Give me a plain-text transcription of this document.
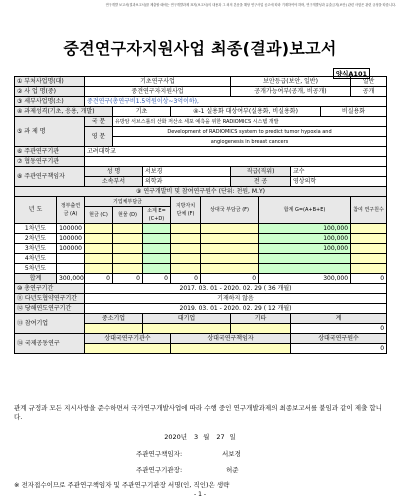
연구개발 보고서(결과보고서)를 제출할 때에는 연구개발과제 표지(보고서)의 내용과 그 외의 본문을 해당 연구사업 공고에 따라 기재하여야 하며, 연구개발성과 유출금지(보안) 관련 사항은 관련 규정을 따릅니다.
중견연구자지원사업 최종(결과)보고서
양식A101
① 부처사업명(대)		기초연구사업					보안등급(보안, 일반)				일반
② 사 업 명(중)		중견연구자지원사업					공개가능여부(공개, 비공개)				공개
③ 세부사업명(소)		중견연구(총연구비1.5억원이상~3억이하),									
④ 과제성격(기초, 응용, 개발)			기초		④-1 실용화 대상여부(실용화, 비실용화)					비실용화	
⑤ 과 제 명		국 문	유방암 서브스톨의 산화 저산소 세포 예측을 위한 RADIOMICS 시스템 개발								
		영 문	Development of RADIOMICS system to predict tumor hypoxia and								
			angiogenesis in breast cancers								
⑥ 주관연구기관		고려대학교									
⑦ 협동연구기관											
⑧ 주관연구책임자		성 명		서보경			직급(직위)		교수		
		소속부서		의학과			전 공		영상의학		
⑨ 연구개발비 및 참여연구원수 (단위: 천원, M.Y)											
년 도	정부출연금 (A)	기업체부담금			지방자치 단체 (F)	상대국 부담금 (F)		합계 G=(A+B+E)			참여 연구원수
		현금 (C)	현물 (D)	소계 E=(C+D)							
1차년도	100000							100,000			
2차년도	100000							100,000			
3차년도	100000							100,000			
4차년도											
5차년도											
합계	300,000	0	0	0	0	0		300,000			0
⑩ 총연구기간		2017. 03. 01 - 2020. 02. 29 ( 36 개월)									
⑪ 다년도협약연구기간		기재하지 않음									
⑫ 당해연도연구기간		2019. 03. 01 - 2020. 02. 29 ( 12 개월)									
⑬ 참여기업		중소기업		대기업			기타		계		
									0		
⑭ 국제공동연구		상대국연구기관수			상대국연구책임자				상대국연구원수		
									0		
관계 규정과 모든 지시사항을 준수하면서 국가연구개발사업에 따라 수행 중인 연구개발과제의 최종보고서를 붙임과 같이 제출 합니다.
2020년 3 월 27 일
주관연구책임자:	서보경
주관연구기관장:	허준
※ 전자접수이므로 주관연구책임자 및 주관연구기관장 서명(인, 직인)은 생략
- 1 -
